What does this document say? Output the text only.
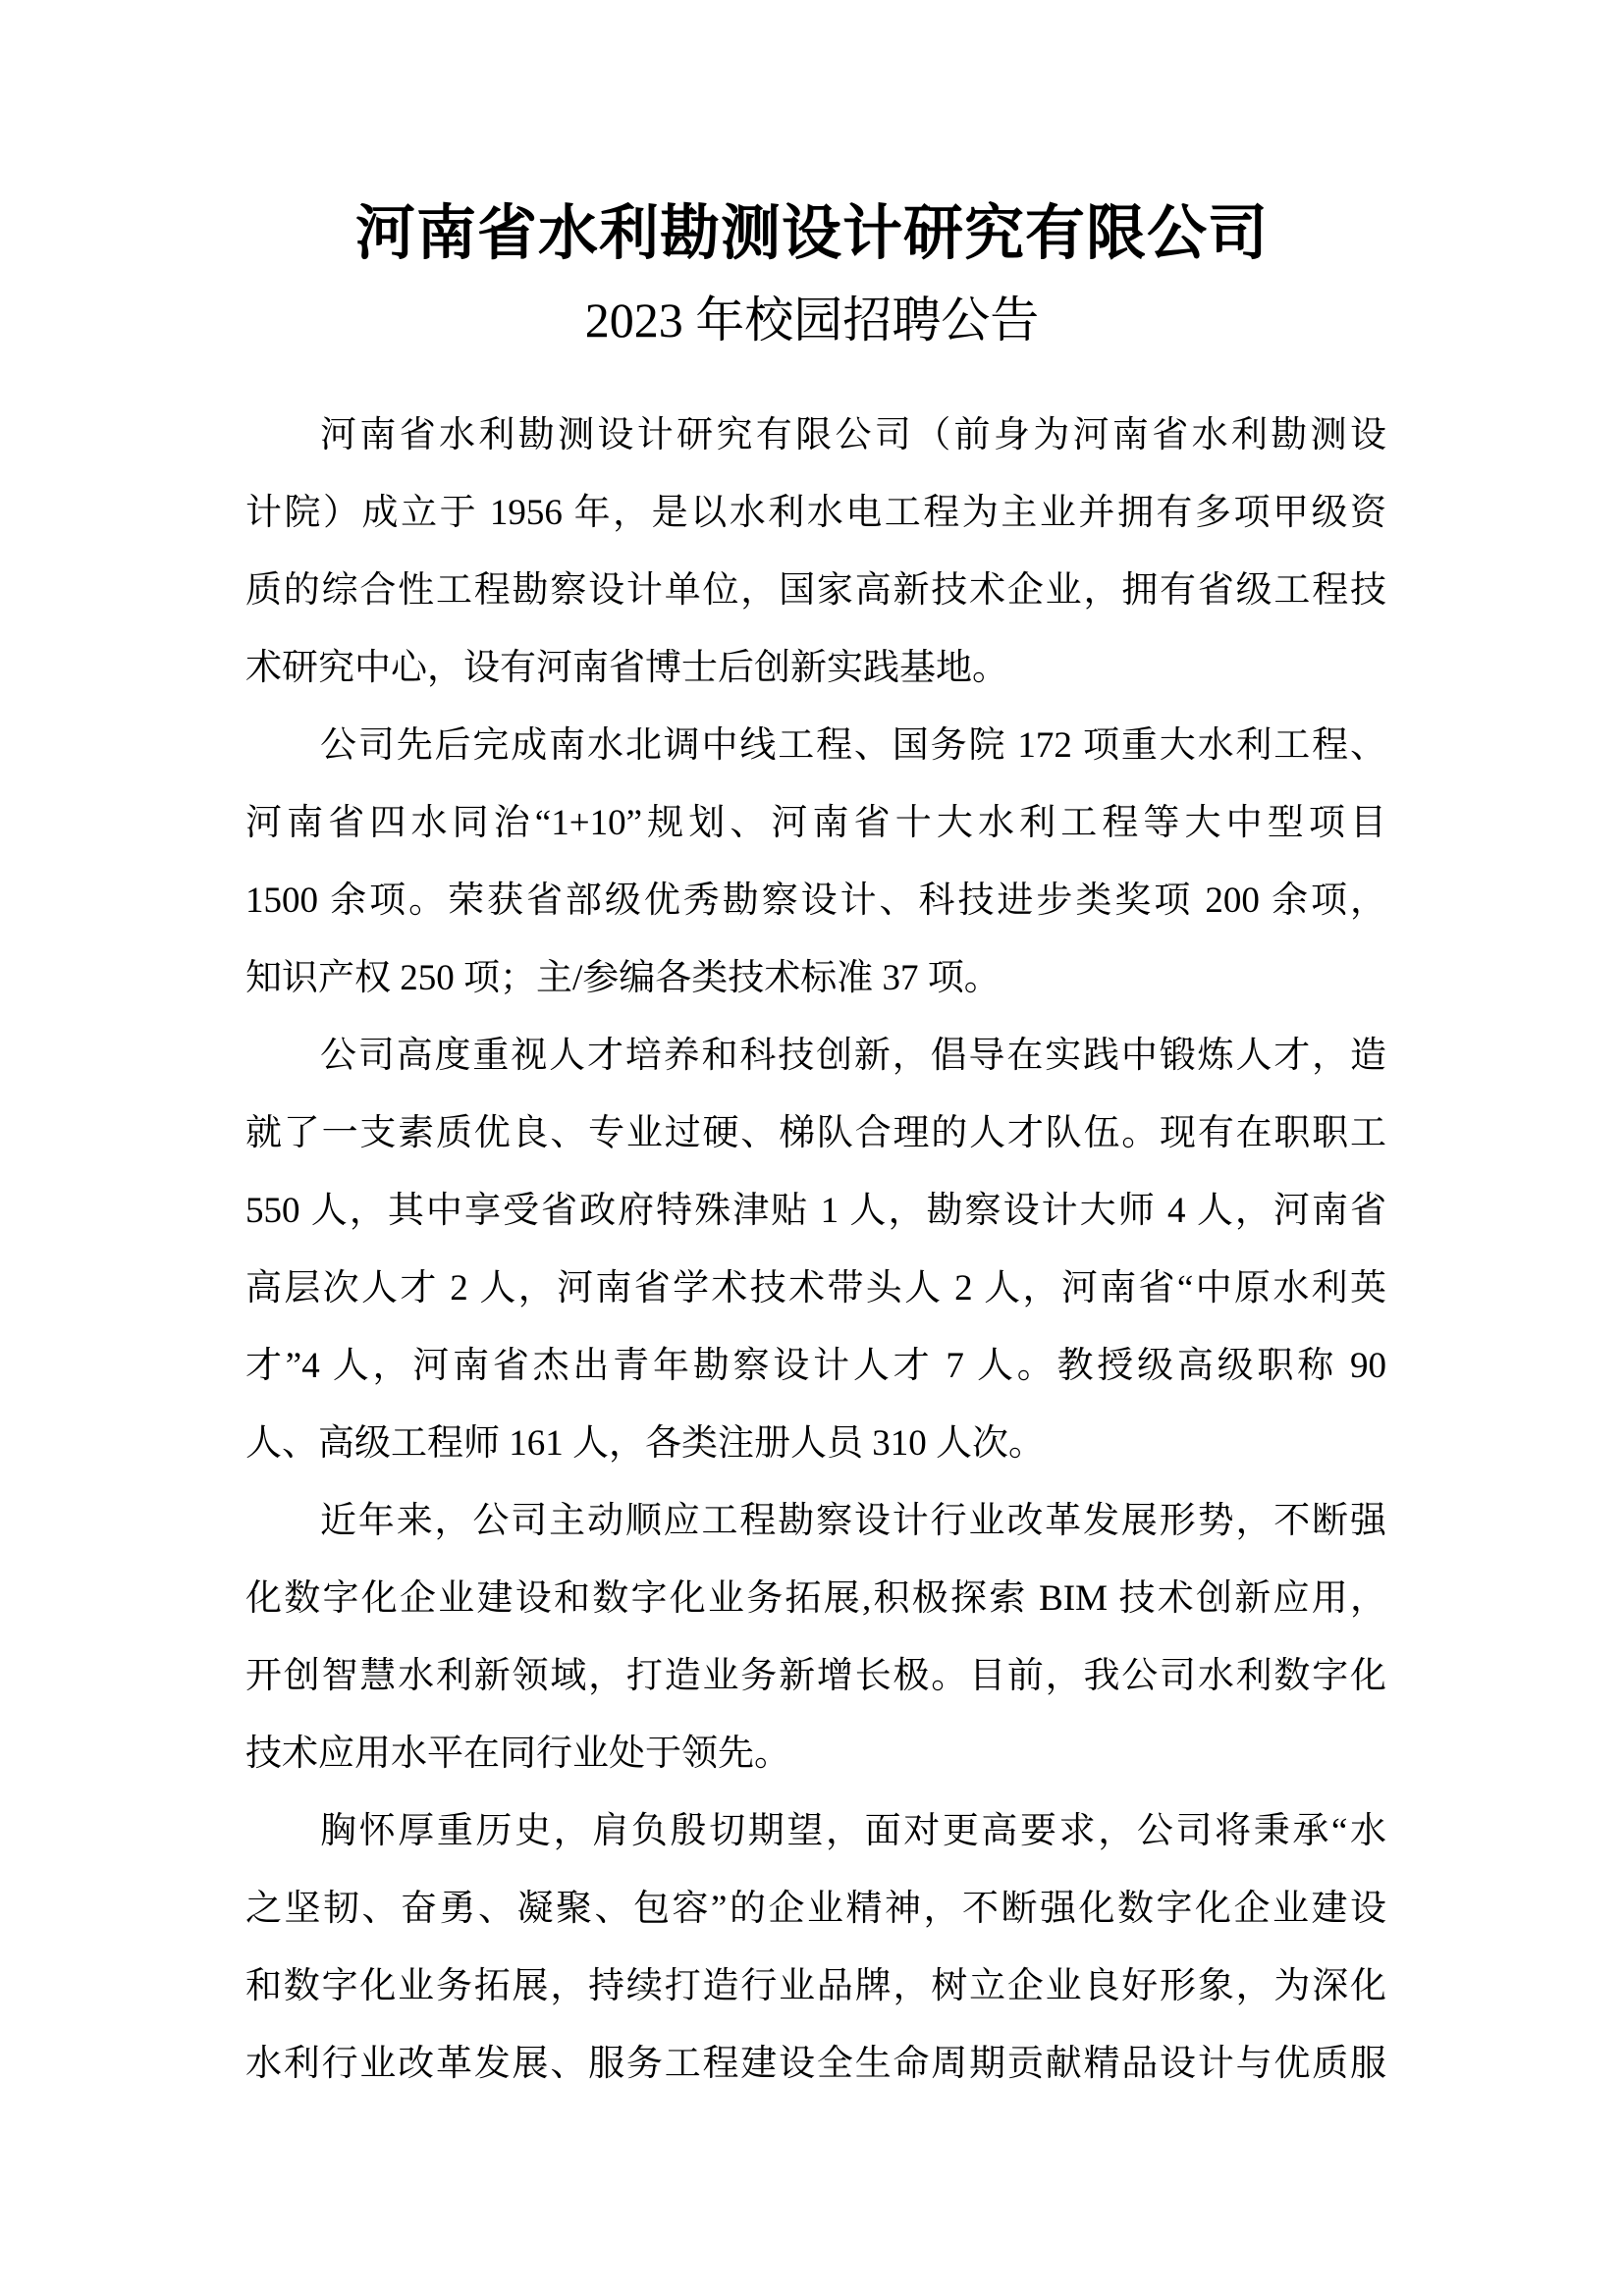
河南省水利勘测设计研究有限公司
2023 年校园招聘公告
河南省水利勘测设计研究有限公司（前身为河南省水利勘测设
计院）成立于 1956 年，是以水利水电工程为主业并拥有多项甲级资
质的综合性工程勘察设计单位，国家高新技术企业，拥有省级工程技
术研究中心，设有河南省博士后创新实践基地。
公司先后完成南水北调中线工程、国务院 172 项重大水利工程、
河南省四水同治“1+10”规划、河南省十大水利工程等大中型项目
1500 余项。荣获省部级优秀勘察设计、科技进步类奖项 200 余项，
知识产权 250 项；主/参编各类技术标准 37 项。
公司高度重视人才培养和科技创新，倡导在实践中锻炼人才，造
就了一支素质优良、专业过硬、梯队合理的人才队伍。现有在职职工
550 人，其中享受省政府特殊津贴 1 人，勘察设计大师 4 人，河南省
高层次人才 2 人，河南省学术技术带头人 2 人，河南省“中原水利英
才”4 人，河南省杰出青年勘察设计人才 7 人。教授级高级职称 90
人、高级工程师 161 人，各类注册人员 310 人次。
近年来，公司主动顺应工程勘察设计行业改革发展形势，不断强
化数字化企业建设和数字化业务拓展,积极探索 BIM 技术创新应用，
开创智慧水利新领域，打造业务新增长极。目前，我公司水利数字化
技术应用水平在同行业处于领先。
胸怀厚重历史，肩负殷切期望，面对更高要求，公司将秉承“水
之坚韧、奋勇、凝聚、包容”的企业精神，不断强化数字化企业建设
和数字化业务拓展，持续打造行业品牌，树立企业良好形象，为深化
水利行业改革发展、服务工程建设全生命周期贡献精品设计与优质服
